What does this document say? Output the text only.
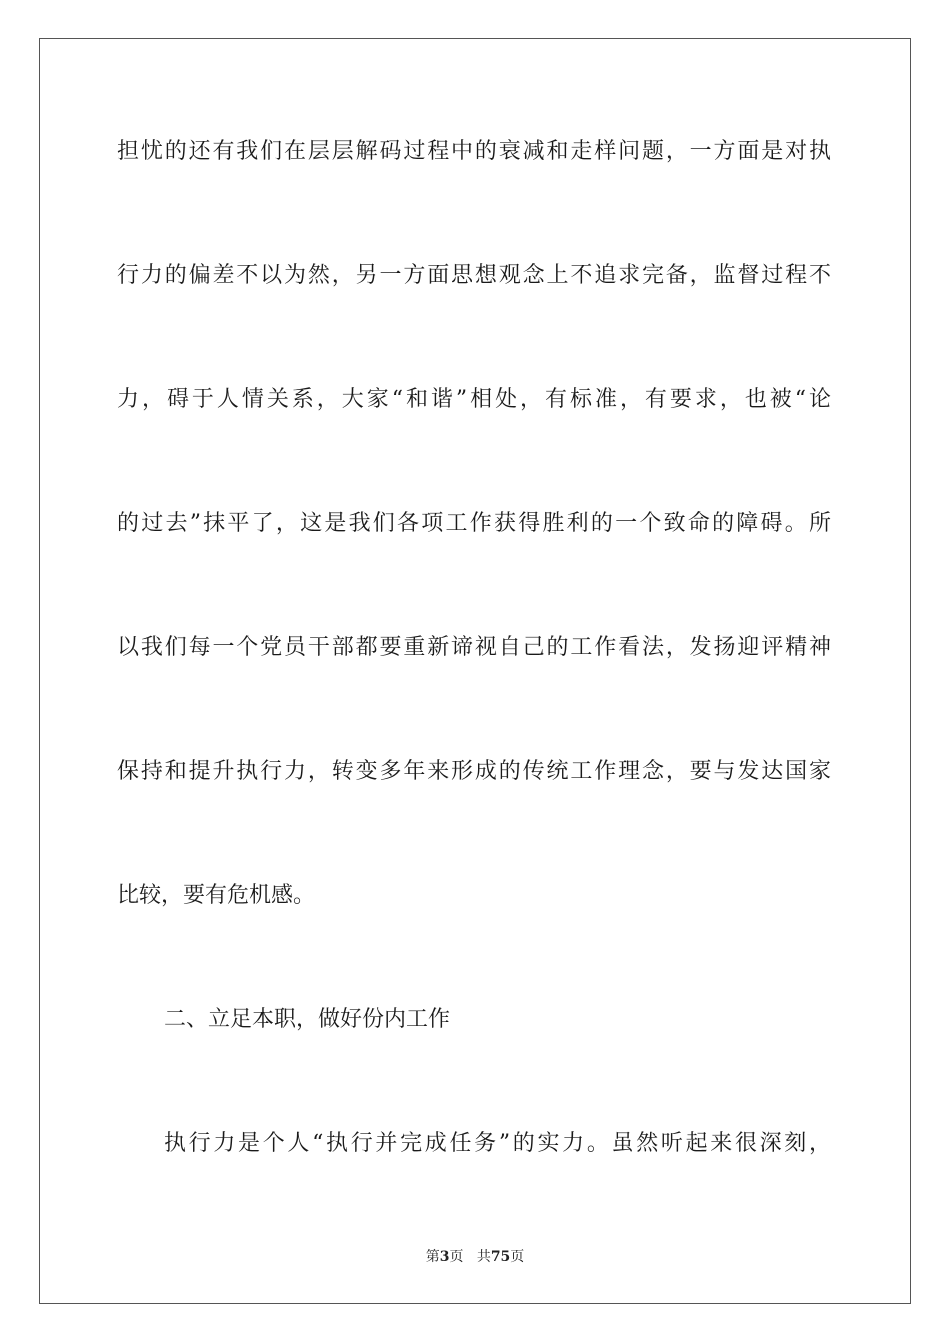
担忧的还有我们在层层解码过程中的衰减和走样问题，一方面是对执
行力的偏差不以为然，另一方面思想观念上不追求完备，监督过程不
力，碍于人情关系，大家“和谐”相处，有标准，有要求，也被“论
的过去”抹平了，这是我们各项工作获得胜利的一个致命的障碍。所
以我们每一个党员干部都要重新谛视自己的工作看法，发扬迎评精神
保持和提升执行力，转变多年来形成的传统工作理念，要与发达国家
比较，要有危机感。
二、立足本职，做好份内工作
执行力是个人“执行并完成任务”的实力。虽然听起来很深刻，
第3页 共75页
